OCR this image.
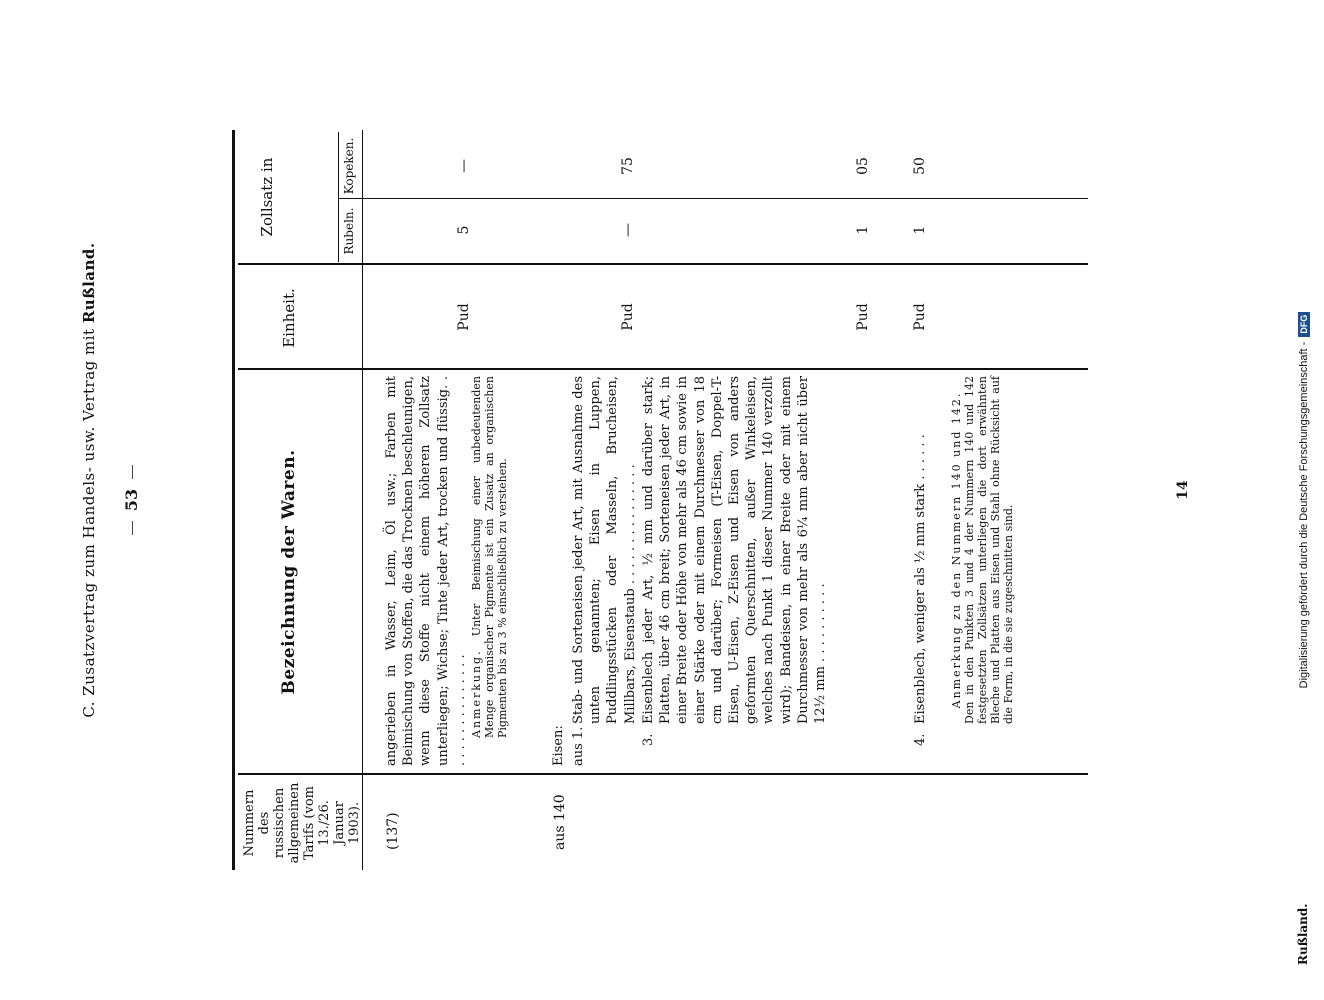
C. Zusatzvertrag zum Handels- usw. Vertrag mit Rußland.
53
Nummern des russischen allgemeinen Tarifs (vom 13./26. Januar 1903).
Bezeichnung der Waren.
Einheit.
Zollsatz in	Rubeln.
Kopeken.
(137)
angerieben in Wasser, Leim, Öl usw.; Farben mit Beimischung von Stoffen, die das Trocknen beschleunigen, wenn diese Stoffe nicht einem höheren Zollsatz unterliegen; Wichse; Tinte jeder Art, trocken und flüssig. . . . . . . . . . . . . . . . Anmerkung. Unter Beimischung einer unbedeutenden Menge organischer Pigmente ist ein Zusatz an organischen Pigmenten bis zu 3 % einschließlich zu verstehen.
Pud
5
—
aus 140
Eisen: aus 1.
Stab- und Sorteneisen jeder Art, mit Ausnahme des unten genannten; Eisen in Luppen, Puddlingsstücken oder Masseln, Brucheisen, Millbars, Eisenstaub . . . . . . . . . . . . . . .
Pud
—
75
3.
Eisenblech jeder Art, ½ mm und darüber stark; Platten, über 46 cm breit; Sorteneisen jeder Art, in einer Breite oder Höhe von mehr als 46 cm sowie in einer Stärke oder mit einem Durchmesser von 18 cm und darüber; Formeisen (T-Eisen, Doppel-T-Eisen, U-Eisen, Z-Eisen und Eisen von anders geformten Querschnitten, außer Winkeleisen, welches nach Punkt 1 dieser Nummer 140 verzollt wird); Bandeisen, in einer Breite oder mit einem Durchmesser von mehr als 6¼ mm aber nicht über 12½ mm . . . . . . . . . .
Pud
1
05
4.
Eisenblech, weniger als ½ mm stark . . . . . . Anmerkung zu den Nummern 140 und 142. Den in den Punkten 3 und 4 der Nummern 140 und 142 festgesetzten Zollsätzen unterliegen die dort erwähnten Bleche und Platten aus Eisen und Stahl ohne Rücksicht auf die Form, in die sie zugeschnitten sind.
Pud
1
50
14
Rußland.
Digitalisierung gefördert durch die Deutsche Forschungsgemeinschaft -DFG
